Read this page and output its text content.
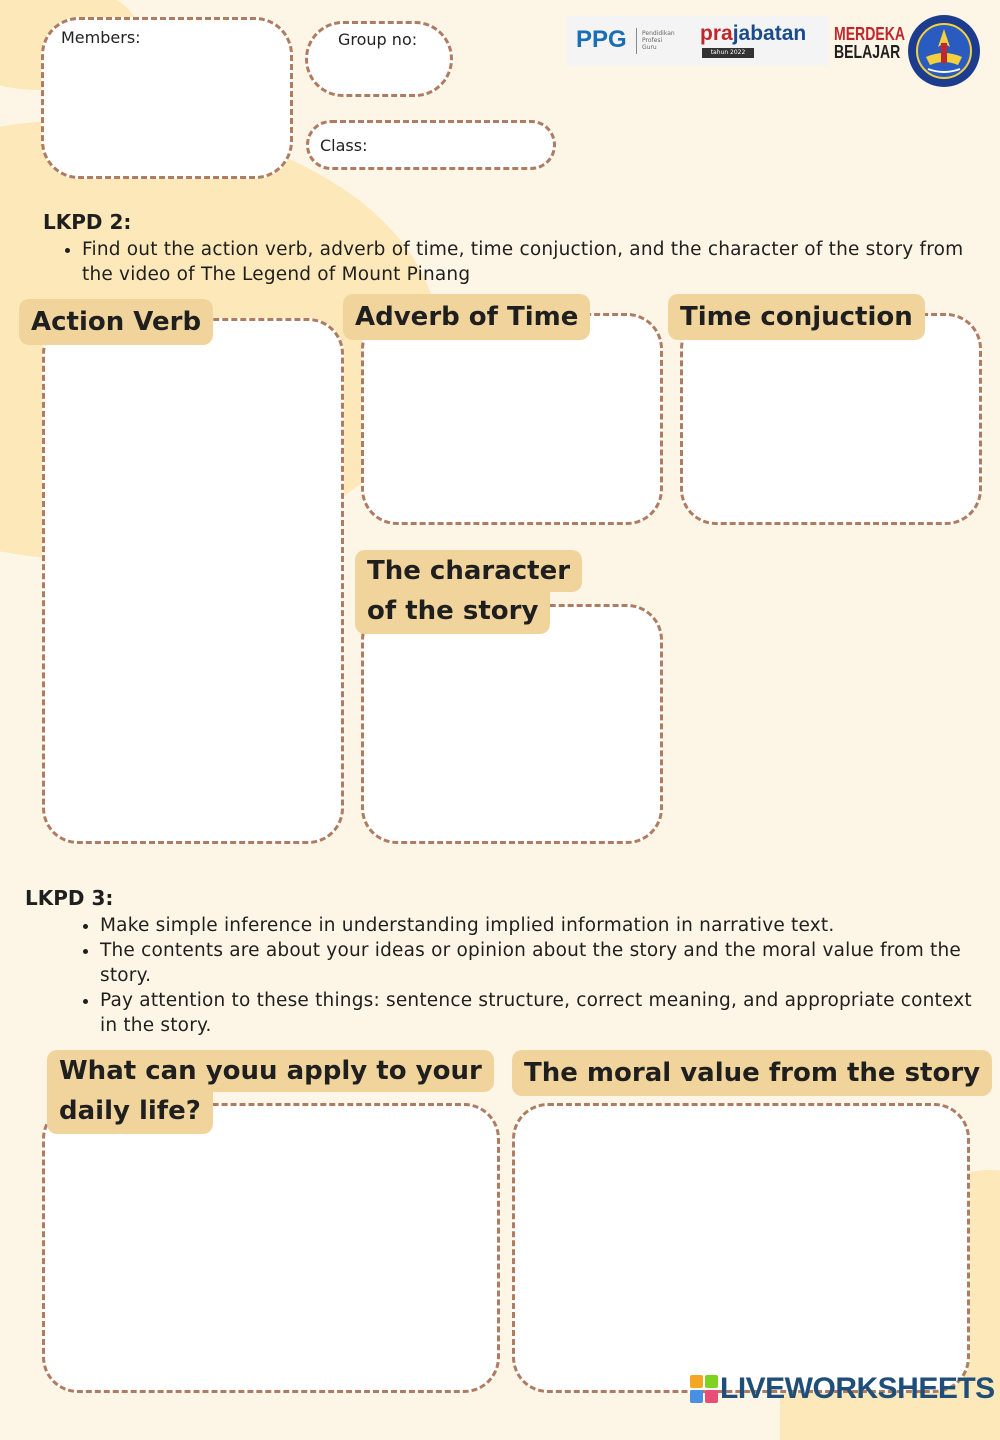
Members:	Group no:
Class:
PPG	Pendidikan Profesi Guru
prajabatan
tahun 2022
MERDEKA
BELAJAR
LKPD 2:
• Find out the action verb, adverb of time, time conjuction, and the character of the story from the video of The Legend of Mount Pinang
Action Verb	Adverb of Time	Time conjuction
The character
of the story
LKPD 3:
• Make simple inference in understanding implied information in narrative text.
• The contents are about your ideas or opinion about the story and the moral value from the story.
• Pay attention to these things: sentence structure, correct meaning, and appropriate context in the story.
What can youu apply to your
daily life?
The moral value from the story
LIVEWORKSHEETS
